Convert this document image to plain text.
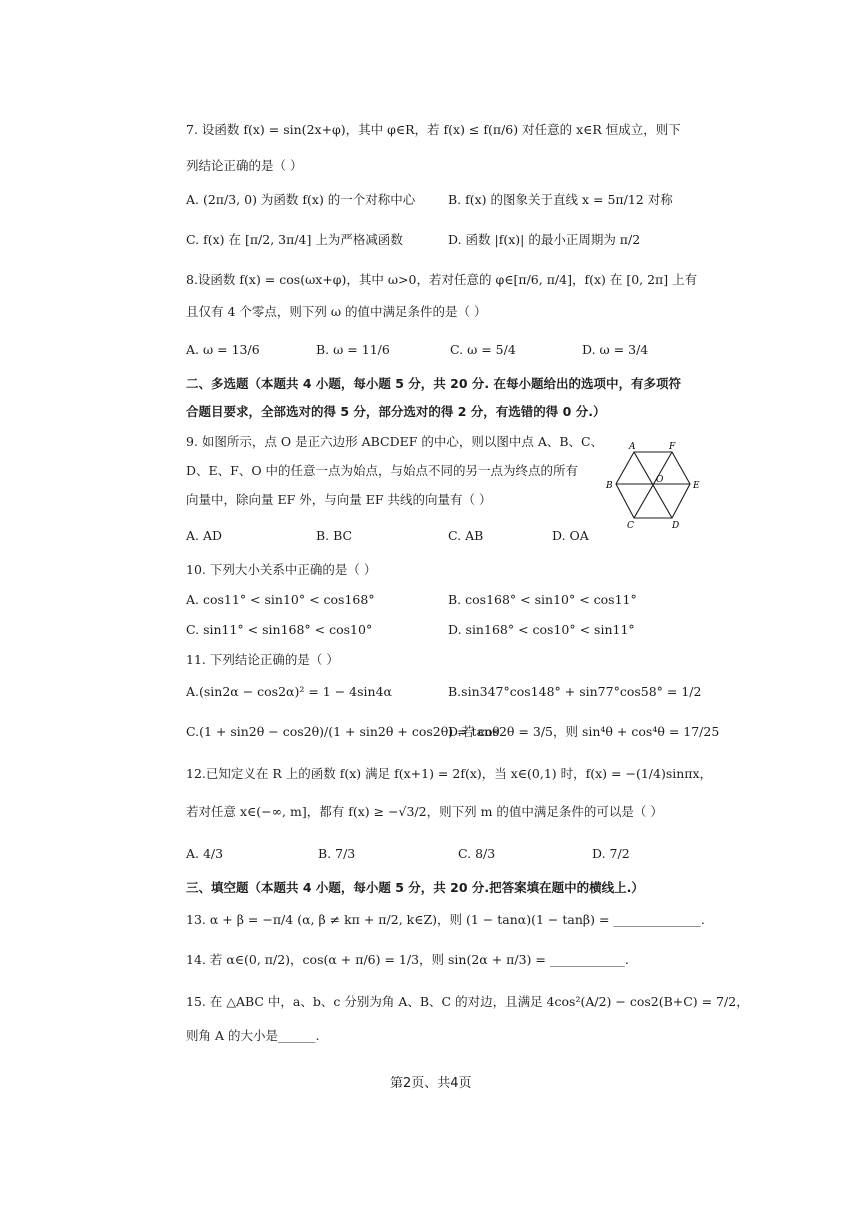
7. 设函数 f(x) = sin(2x+φ)，其中 φ∈R，若 f(x) ≤ f(π/6) 对任意的 x∈R 恒成立，则下
列结论正确的是（ ）
A. (2π/3, 0) 为函数 f(x) 的一个对称中心	B. f(x) 的图象关于直线 x = 5π/12 对称
C. f(x) 在 [π/2, 3π/4] 上为严格减函数	D. 函数 |f(x)| 的最小正周期为 π/2
8.设函数 f(x) = cos(ωx+φ)，其中 ω>0，若对任意的 φ∈[π/6, π/4]，f(x) 在 [0, 2π] 上有
且仅有 4 个零点，则下列 ω 的值中满足条件的是（ ）
A. ω = 13/6	B. ω = 11/6	C. ω = 5/4	D. ω = 3/4
二、多选题（本题共 4 小题，每小题 5 分，共 20 分. 在每小题给出的选项中，有多项符
合题目要求，全部选对的得 5 分，部分选对的得 2 分，有选错的得 0 分.）
9. 如图所示，点 O 是正六边形 ABCDEF 的中心，则以图中点 A、B、C、
D、E、F、O 中的任意一点为始点，与始点不同的另一点为终点的所有
向量中，除向量 EF 外，与向量 EF 共线的向量有（ ）
A. AD	B. BC	C. AB	D. OA
A	F
B	E
O
C	D
10. 下列大小关系中正确的是（ ）
A. cos11° < sin10° < cos168°	B. cos168° < sin10° < cos11°
C. sin11° < sin168° < cos10°	D. sin168° < cos10° < sin11°
11. 下列结论正确的是（ ）
A.(sin2α − cos2α)² = 1 − 4sin4α	B.sin347°cos148° + sin77°cos58° = 1/2
C.(1 + sin2θ − cos2θ)/(1 + sin2θ + cos2θ) = tanθ
D.若 cos2θ = 3/5，则 sin⁴θ + cos⁴θ = 17/25
12.已知定义在 R 上的函数 f(x) 满足 f(x+1) = 2f(x)，当 x∈(0,1) 时，f(x) = −(1/4)sinπx，
若对任意 x∈(−∞, m]，都有 f(x) ≥ −√3/2，则下列 m 的值中满足条件的可以是（ ）
A. 4/3	B. 7/3	C. 8/3	D. 7/2
三、填空题（本题共 4 小题，每小题 5 分，共 20 分.把答案填在题中的横线上.）
13. α + β = −π/4 (α, β ≠ kπ + π/2, k∈Z)，则 (1 − tanα)(1 − tanβ) = ______________.
14. 若 α∈(0, π/2)，cos(α + π/6) = 1/3，则 sin(2α + π/3) = ____________.
15. 在 △ABC 中，a、b、c 分别为角 A、B、C 的对边，且满足 4cos²(A/2) − cos2(B+C) = 7/2，
则角 A 的大小是______.
第2页、共4页
